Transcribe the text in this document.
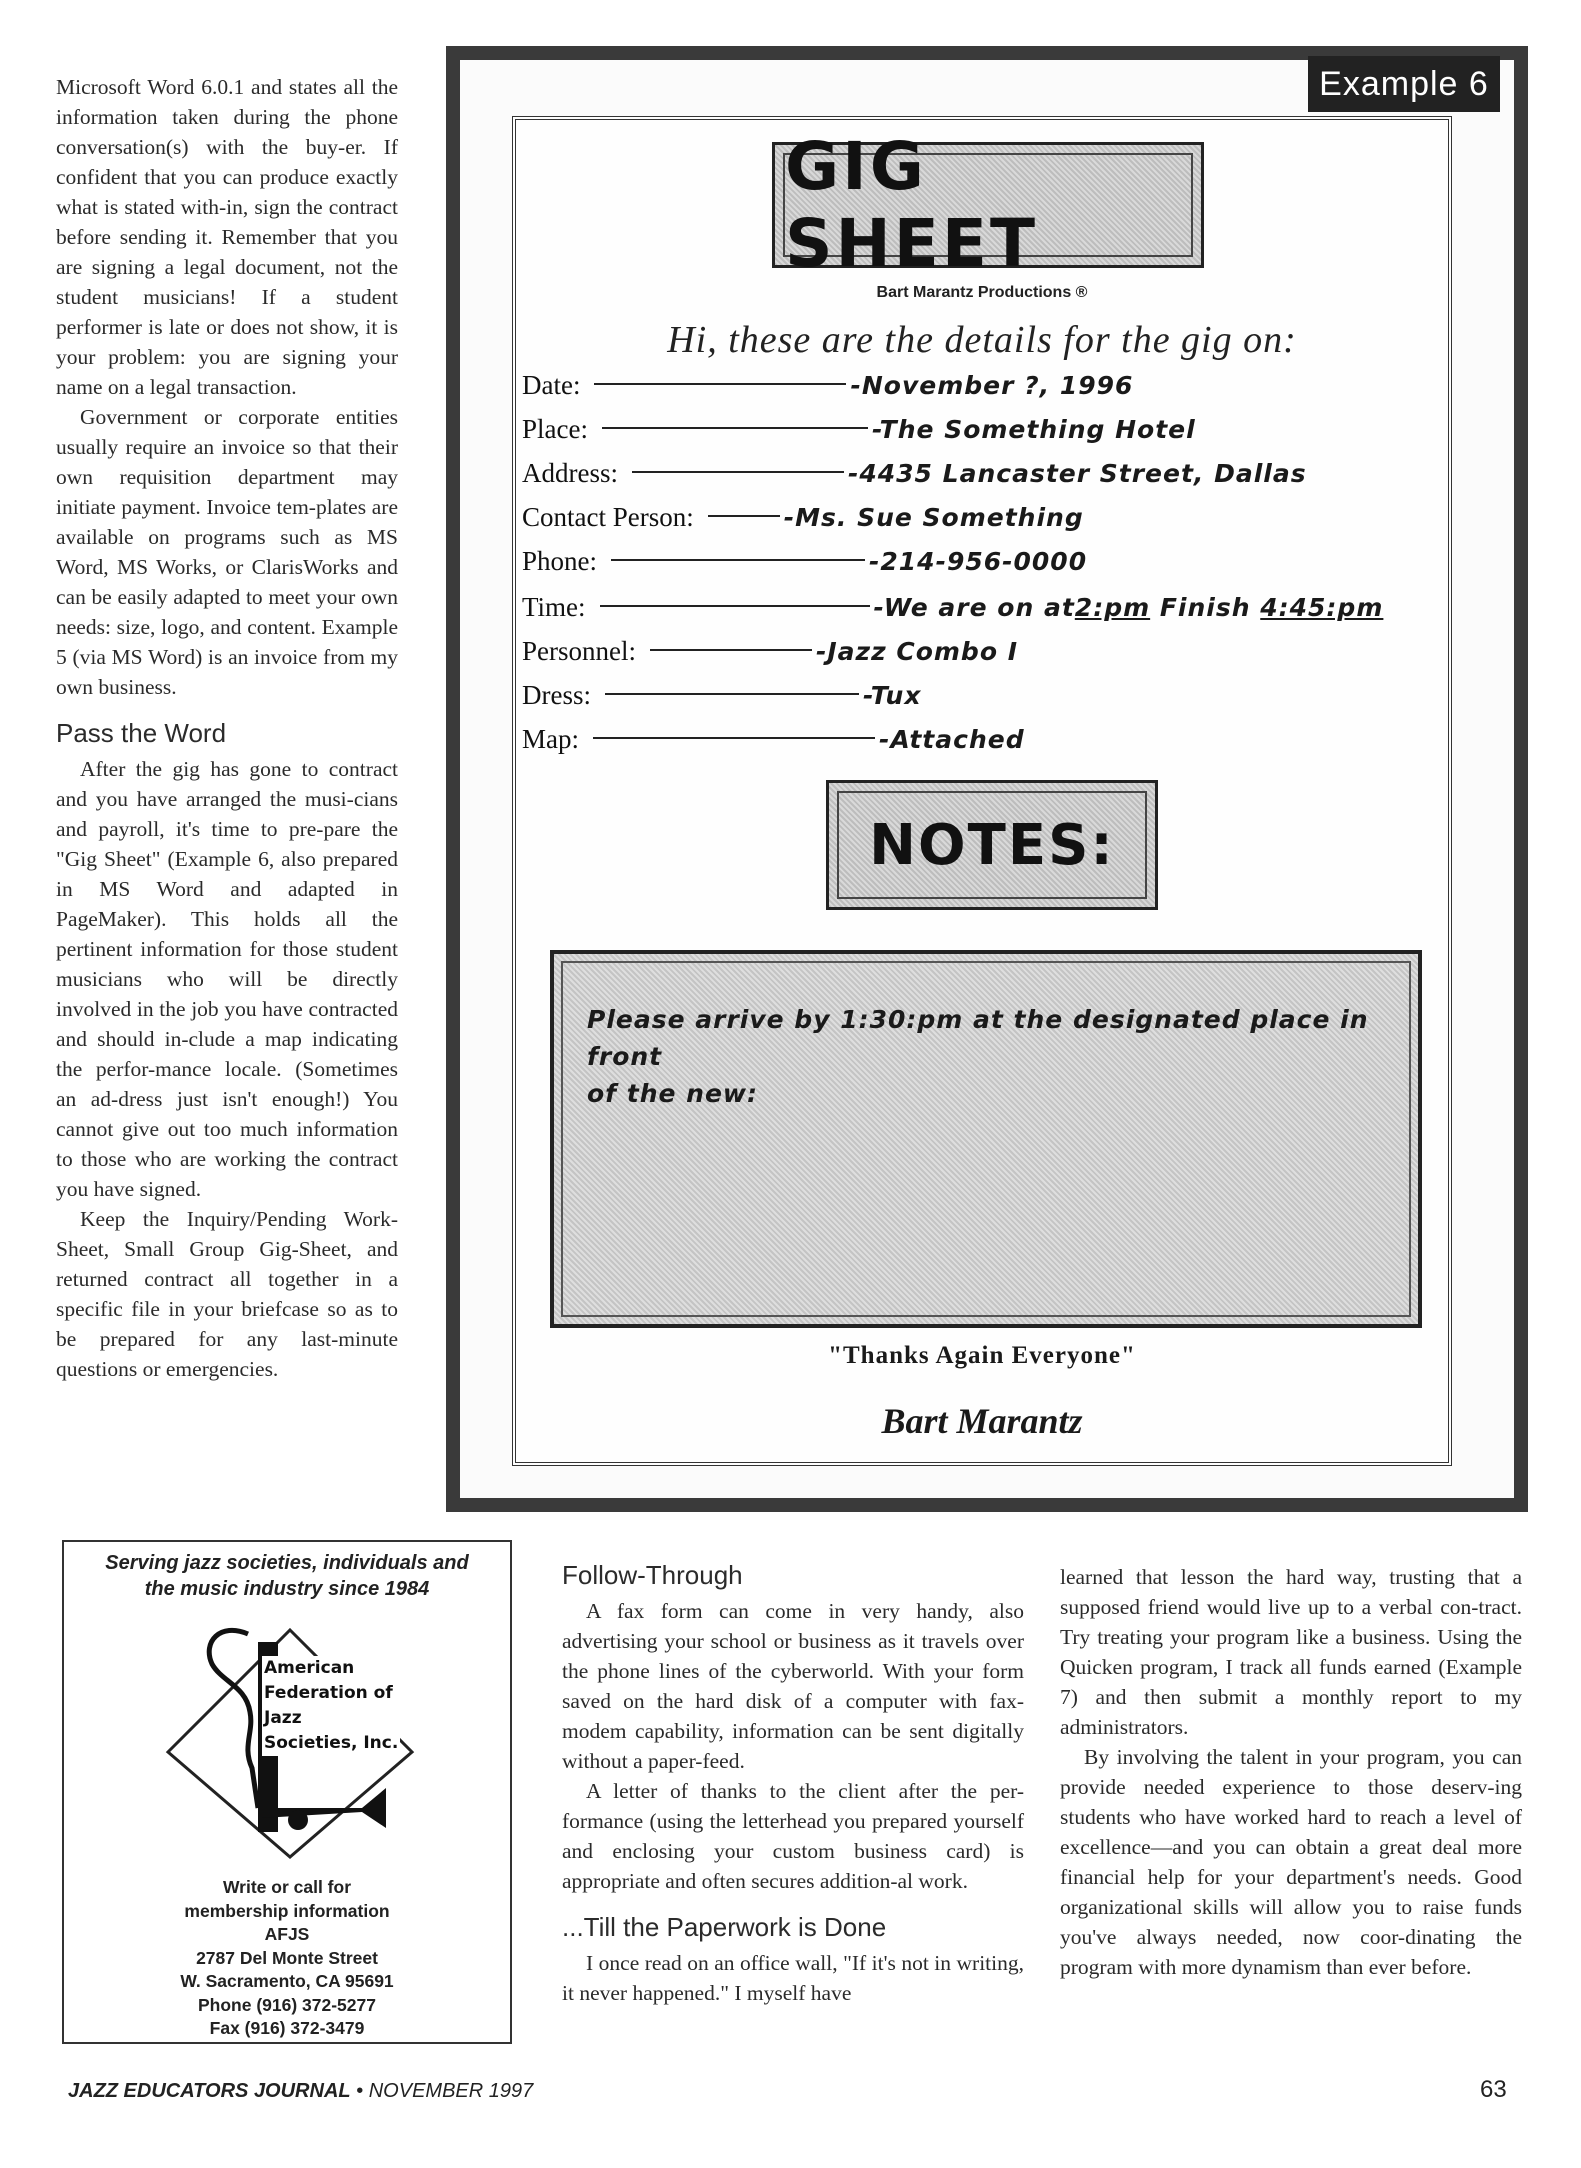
Microsoft Word 6.0.1 and states all the information taken during the phone conversation(s) with the buy-er. If confident that you can produce exactly what is stated with-in, sign the contract before sending it. Remember that you are signing a legal document, not the student musicians! If a student performer is late or does not show, it is your problem: you are signing your name on a legal transaction.

Government or corporate entities usually require an invoice so that their own requisition department may initiate payment. Invoice tem-plates are available on programs such as MS Word, MS Works, or ClarisWorks and can be easily adapted to meet your own needs: size, logo, and content. Example 5 (via MS Word) is an invoice from my own business.

Pass the Word

After the gig has gone to contract and you have arranged the musi-cians and payroll, it's time to pre-pare the "Gig Sheet" (Example 6, also prepared in MS Word and adapted in PageMaker). This holds all the pertinent information for those student musicians who will be directly involved in the job you have contracted and should in-clude a map indicating the perfor-mance locale. (Sometimes an ad-dress just isn't enough!) You cannot give out too much information to those who are working the contract you have signed.

Keep the Inquiry/Pending Work-Sheet, Small Group Gig-Sheet, and returned contract all together in a specific file in your briefcase so as to be prepared for any last-minute questions or emergencies.

Example 6
GIG SHEET
Bart Marantz Productions ®
Hi, these are the details for the gig on:
Date:	-November ?, 1996
Place:	-The Something Hotel
Address:	-4435 Lancaster Street, Dallas
Contact Person:	-Ms. Sue Something
Phone:	-214-956-0000
Time:	-We are on at 2:pm Finish 4:45:pm
Personnel:	-Jazz Combo I
Dress:	-Tux
Map:	-Attached
NOTES:
Please arrive by 1:30:pm at the designated place in front
of the new:
"Thanks Again Everyone"
Bart Marantz
Serving jazz societies, individuals and
the music industry since 1984
American
Federation of
Jazz
Societies, Inc.
Write or call for
membership information
AFJS
2787 Del Monte Street
W. Sacramento, CA 95691
Phone (916) 372-5277
Fax (916) 372-3479
Follow-Through

A fax form can come in very handy, also advertising your school or business as it travels over the phone lines of the cyberworld. With your form saved on the hard disk of a computer with fax-modem capability, information can be sent digitally without a paper-feed.

A letter of thanks to the client after the per-formance (using the letterhead you prepared yourself and enclosing your custom business card) is appropriate and often secures addition-al work.

...Till the Paperwork is Done

I once read on an office wall, "If it's not in writing, it never happened." I myself have

learned that lesson the hard way, trusting that a supposed friend would live up to a verbal con-tract. Try treating your program like a business. Using the Quicken program, I track all funds earned (Example 7) and then submit a monthly report to my administrators.

By involving the talent in your program, you can provide needed experience to those deserv-ing students who have worked hard to reach a level of excellence—and you can obtain a great deal more financial help for your department's needs. Good organizational skills will allow you to raise funds you've always needed, now coor-dinating the program with more dynamism than ever before.

JAZZ EDUCATORS JOURNAL • NOVEMBER 1997	63
